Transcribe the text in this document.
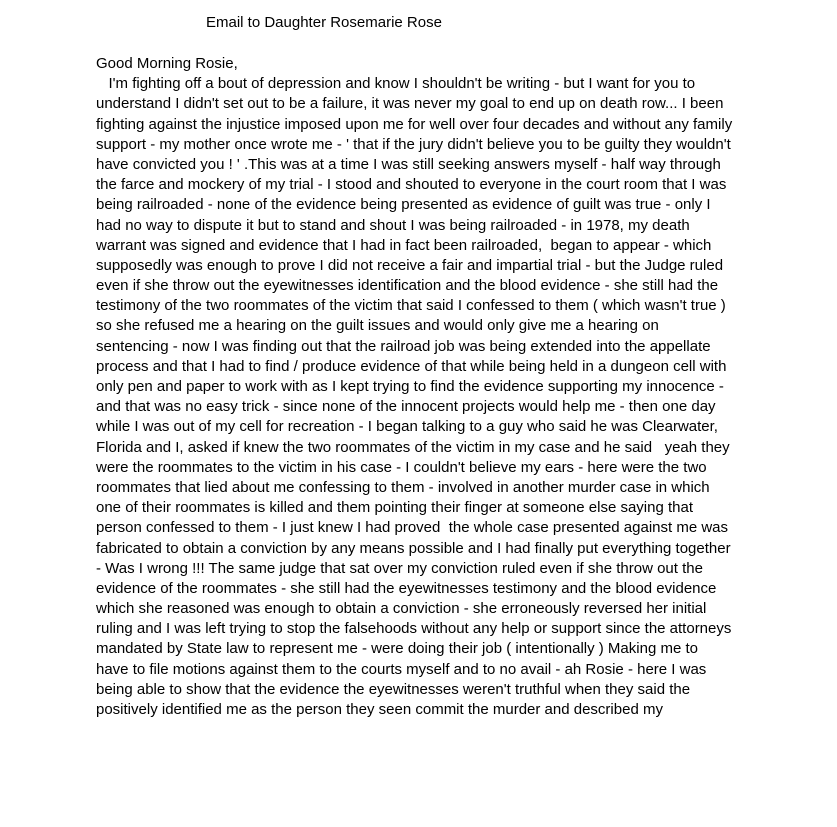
Email to Daughter Rosemarie Rose
Good Morning Rosie,
I'm fighting off a bout of depression and know I shouldn't be writing - but I want for you to
understand I didn't set out to be a failure, it was never my goal to end up on death row... I been
fighting against the injustice imposed upon me for well over four decades and without any family
support - my mother once wrote me - ' that if the jury didn't believe you to be guilty they wouldn't
have convicted you ! ' .This was at a time I was still seeking answers myself - half way through
the farce and mockery of my trial - I stood and shouted to everyone in the court room that I was
being railroaded - none of the evidence being presented as evidence of guilt was true - only I
had no way to dispute it but to stand and shout I was being railroaded - in 1978, my death
warrant was signed and evidence that I had in fact been railroaded,  began to appear - which
supposedly was enough to prove I did not receive a fair and impartial trial - but the Judge ruled
even if she throw out the eyewitnesses identification and the blood evidence - she still had the
testimony of the two roommates of the victim that said I confessed to them ( which wasn't true )
so she refused me a hearing on the guilt issues and would only give me a hearing on
sentencing - now I was finding out that the railroad job was being extended into the appellate
process and that I had to find / produce evidence of that while being held in a dungeon cell with
only pen and paper to work with as I kept trying to find the evidence supporting my innocence -
and that was no easy trick - since none of the innocent projects would help me - then one day
while I was out of my cell for recreation - I began talking to a guy who said he was Clearwater,
Florida and I, asked if knew the two roommates of the victim in my case and he said   yeah they
were the roommates to the victim in his case - I couldn't believe my ears - here were the two
roommates that lied about me confessing to them - involved in another murder case in which
one of their roommates is killed and them pointing their finger at someone else saying that
person confessed to them - I just knew I had proved  the whole case presented against me was
fabricated to obtain a conviction by any means possible and I had finally put everything together
- Was I wrong !!! The same judge that sat over my conviction ruled even if she throw out the
evidence of the roommates - she still had the eyewitnesses testimony and the blood evidence
which she reasoned was enough to obtain a conviction - she erroneously reversed her initial
ruling and I was left trying to stop the falsehoods without any help or support since the attorneys
mandated by State law to represent me - were doing their job ( intentionally ) Making me to
have to file motions against them to the courts myself and to no avail - ah Rosie - here I was
being able to show that the evidence the eyewitnesses weren't truthful when they said the
positively identified me as the person they seen commit the murder and described my
